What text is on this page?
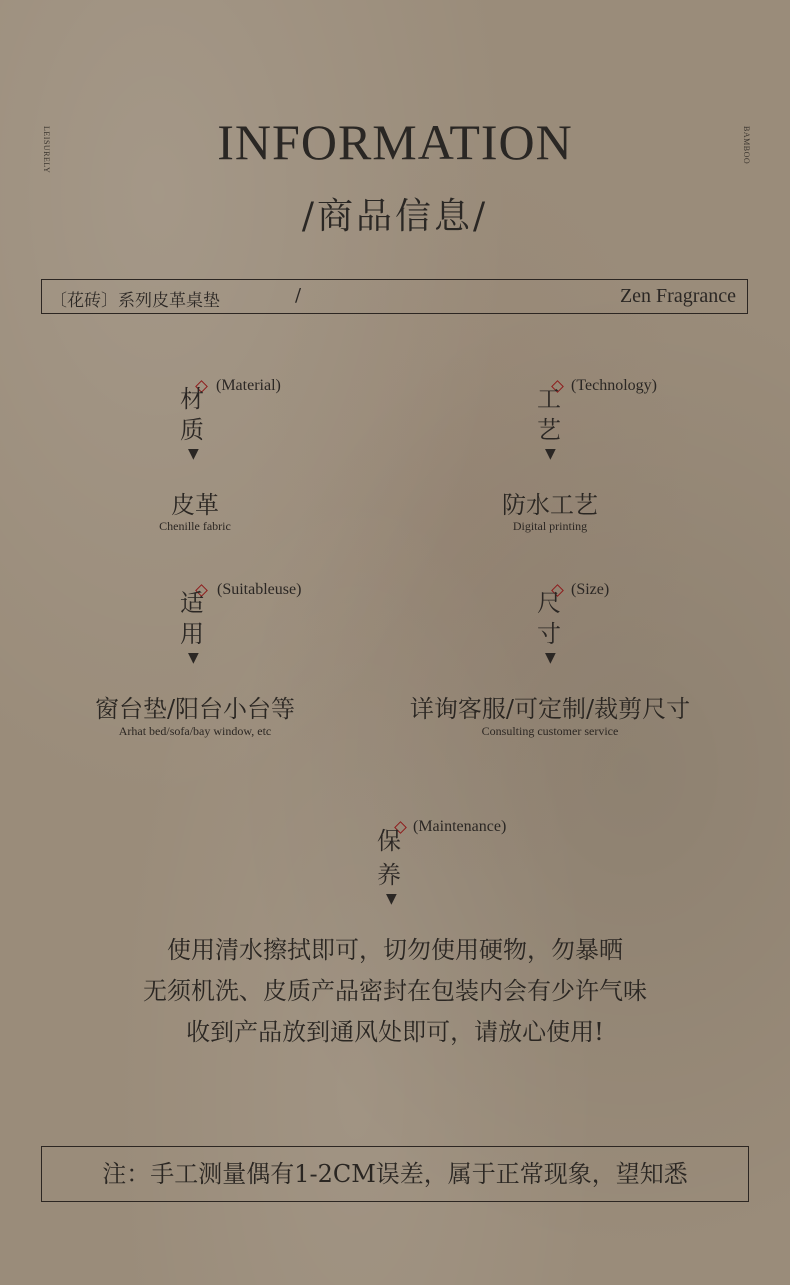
LEISURELY	BAMBOO
INFORMATION
/商品信息/
〔花砖〕系列皮革桌垫	/	Zen Fragrance
材
质
(Material)
▼
皮革
Chenille fabric
工
艺
(Technology)
▼
防水工艺
Digital printing
适
用
(Suitableuse)
▼
窗台垫/阳台小台等
Arhat bed/sofa/bay window, etc
尺
寸
(Size)
▼
详询客服/可定制/裁剪尺寸
Consulting customer service
保
养
(Maintenance)
▼
使用清水擦拭即可，切勿使用硬物，勿暴晒
无须机洗、皮质产品密封在包装内会有少许气味
收到产品放到通风处即可，请放心使用!
注：手工测量偶有1-2CM误差，属于正常现象，望知悉
